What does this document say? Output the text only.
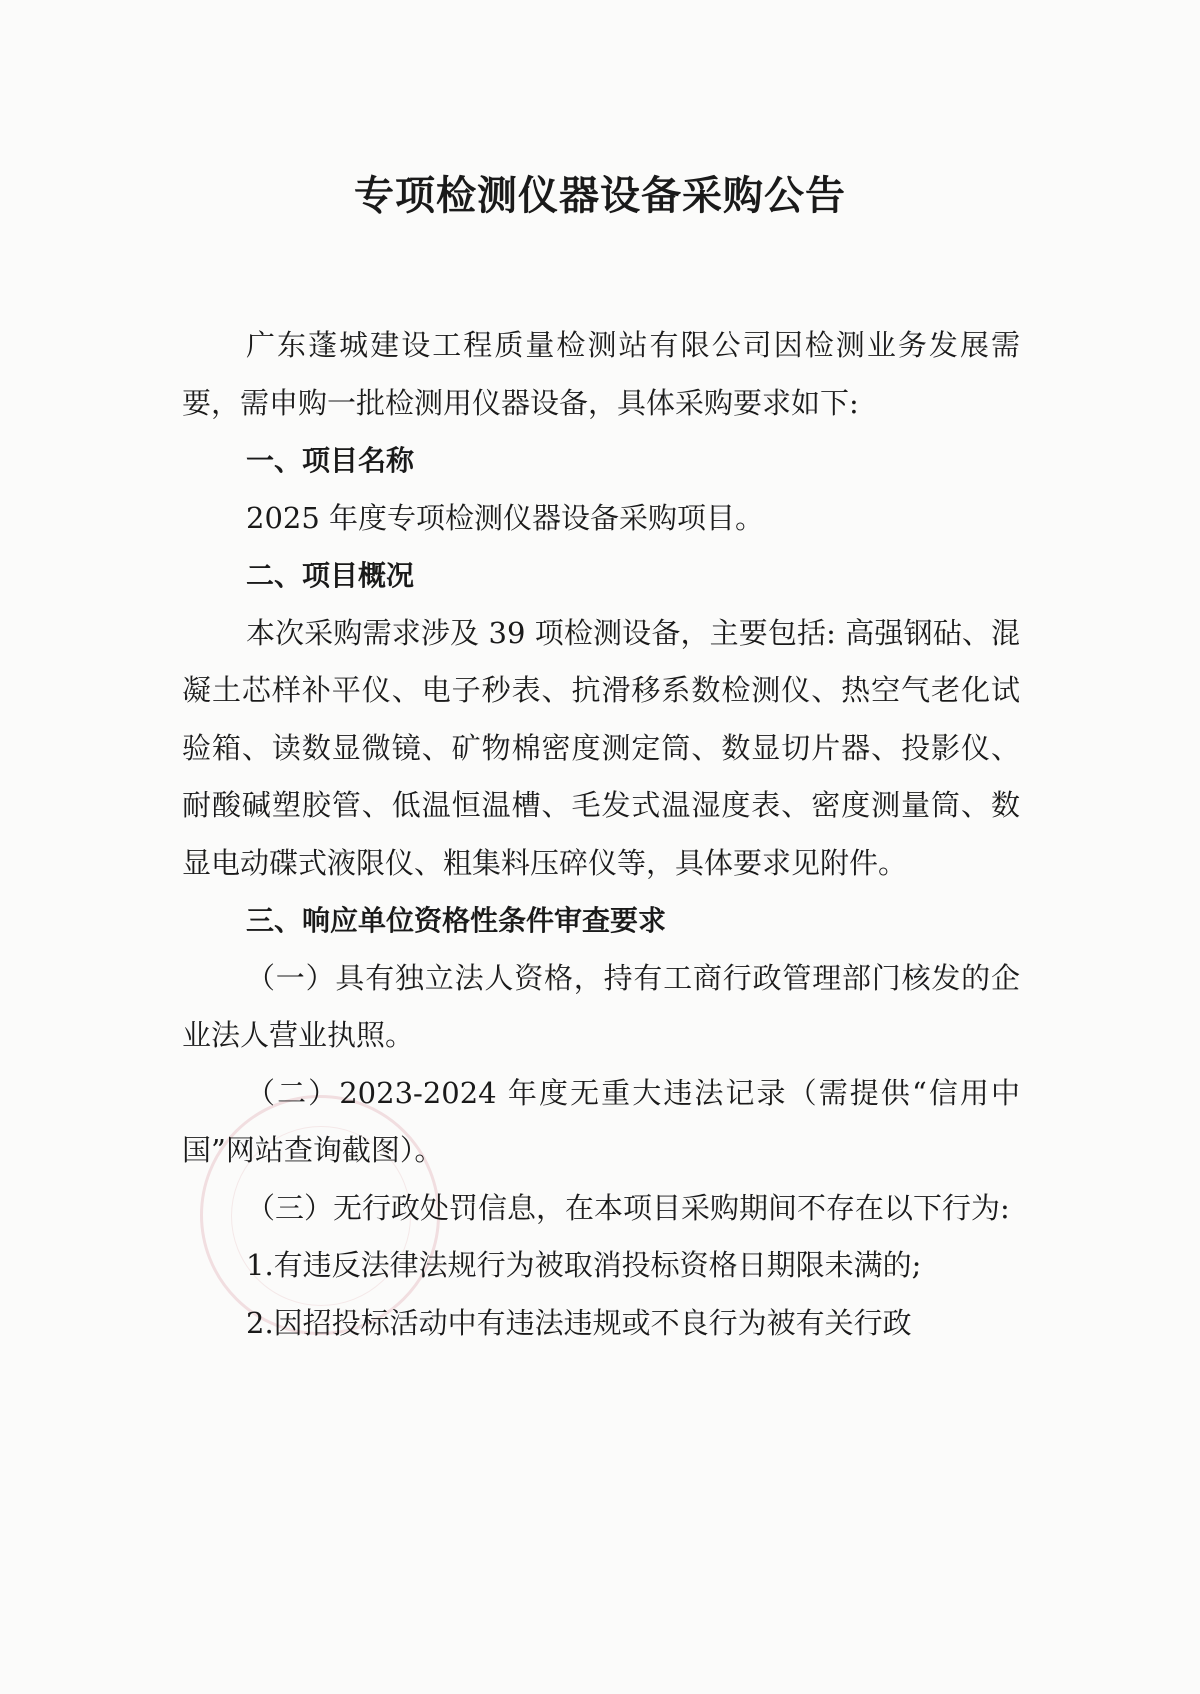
专项检测仪器设备采购公告

广东蓬城建设工程质量检测站有限公司因检测业务发展需要，需申购一批检测用仪器设备，具体采购要求如下:

一、项目名称

2025 年度专项检测仪器设备采购项目。

二、项目概况

本次采购需求涉及 39 项检测设备，主要包括: 高强钢砧、混凝土芯样补平仪、电子秒表、抗滑移系数检测仪、热空气老化试验箱、读数显微镜、矿物棉密度测定筒、数显切片器、投影仪、耐酸碱塑胶管、低温恒温槽、毛发式温湿度表、密度测量筒、数显电动碟式液限仪、粗集料压碎仪等，具体要求见附件。

三、响应单位资格性条件审查要求

（一）具有独立法人资格，持有工商行政管理部门核发的企业法人营业执照。

（二）2023-2024 年度无重大违法记录（需提供“信用中国”网站查询截图）。

（三）无行政处罚信息，在本项目采购期间不存在以下行为:

1.有违反法律法规行为被取消投标资格日期限未满的;

2.因招投标活动中有违法违规或不良行为被有关行政
